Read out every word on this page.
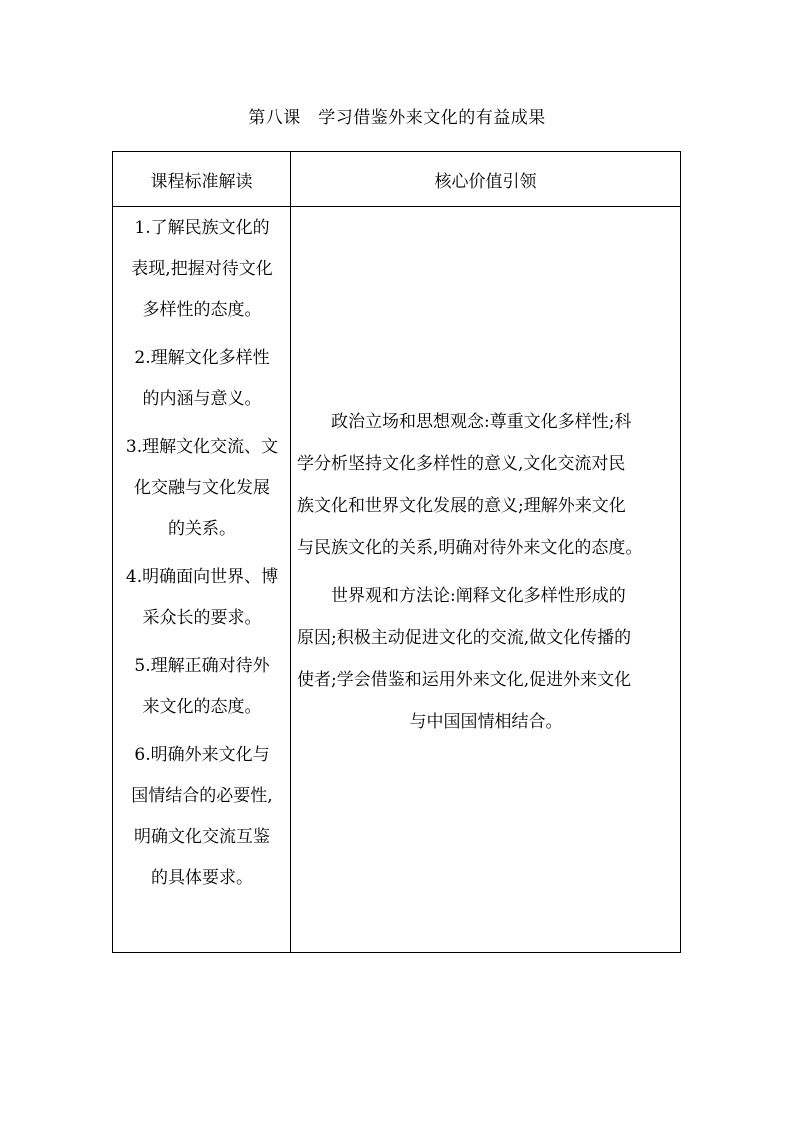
第八课　学习借鉴外来文化的有益成果
课程标准解读	核心价值引领
1.了解民族文化的
表现,把握对待文化
多样性的态度。
2.理解文化多样性
的内涵与意义。
3.理解文化交流、文
化交融与文化发展
的关系。
4.明确面向世界、博
采众长的要求。
5.理解正确对待外
来文化的态度。
6.明确外来文化与
国情结合的必要性,
明确文化交流互鉴
的具体要求。
政治立场和思想观念:尊重文化多样性;科
学分析坚持文化多样性的意义,文化交流对民
族文化和世界文化发展的意义;理解外来文化
与民族文化的关系,明确对待外来文化的态度。
世界观和方法论:阐释文化多样性形成的
原因;积极主动促进文化的交流,做文化传播的
使者;学会借鉴和运用外来文化,促进外来文化
与中国国情相结合。
